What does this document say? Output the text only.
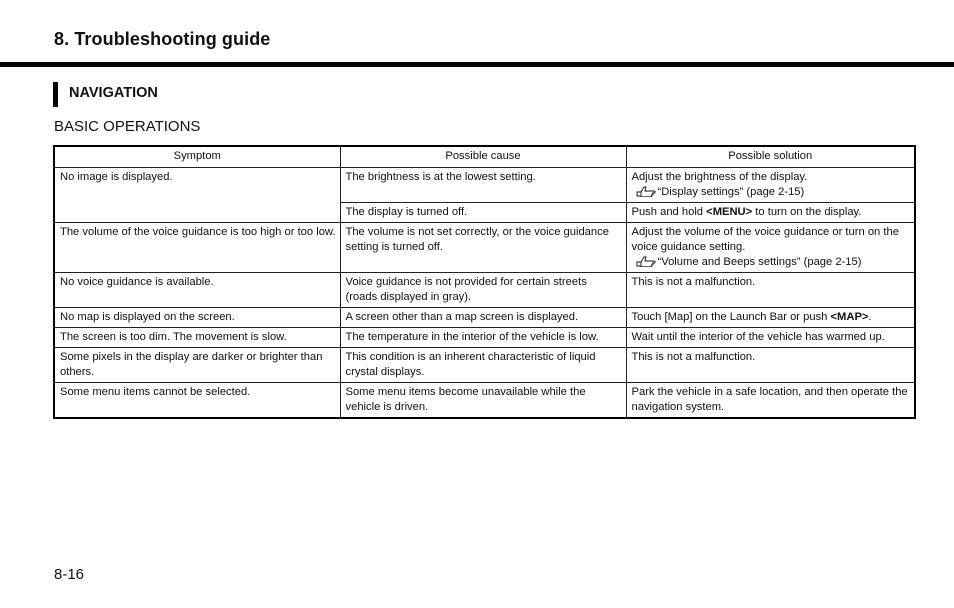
8. Troubleshooting guide
NAVIGATION
BASIC OPERATIONS
Symptom	Possible cause	Possible solution
No image is displayed.	The brightness is at the lowest setting.	Adjust the brightness of the display.
“Display settings” (page 2-15)

	The display is turned off.	Push and hold <MENU> to turn on the display.
The volume of the voice guidance is too high or too low.	The volume is not set correctly, or the voice guidance setting is turned off.	Adjust the volume of the voice guidance or turn on the voice guidance setting.
“Volume and Beeps settings” (page 2-15)

No voice guidance is available.	Voice guidance is not provided for certain streets (roads displayed in gray).	This is not a malfunction.
No map is displayed on the screen.	A screen other than a map screen is displayed.	Touch [Map] on the Launch Bar or push <MAP>.
The screen is too dim. The movement is slow.	The temperature in the interior of the vehicle is low.	Wait until the interior of the vehicle has warmed up.
Some pixels in the display are darker or brighter than others.	This condition is an inherent characteristic of liquid crystal displays.	This is not a malfunction.
Some menu items cannot be selected.	Some menu items become unavailable while the vehicle is driven.	Park the vehicle in a safe location, and then operate the navigation system.
8-16
